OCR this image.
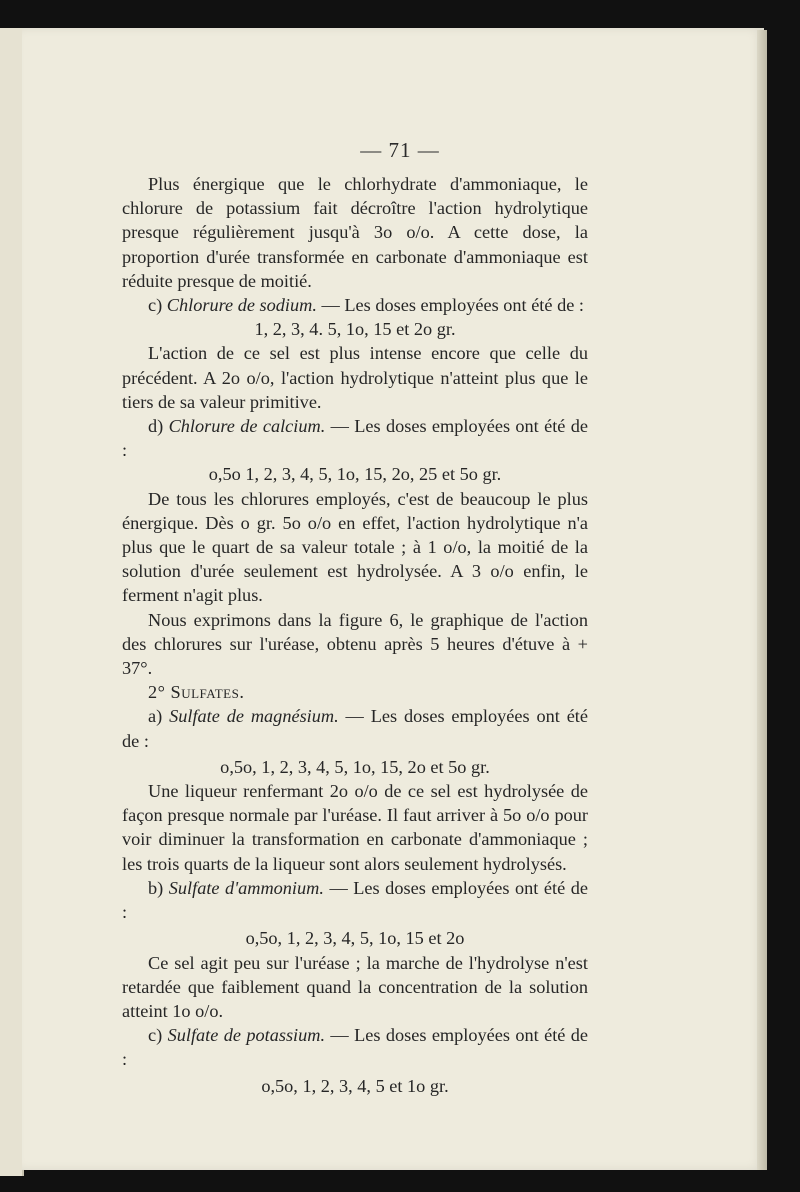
— 71 —

Plus énergique que le chlorhydrate d'ammoniaque, le chlorure de potassium fait décroître l'action hydrolytique presque régulièrement jusqu'à 3o o/o. A cette dose, la proportion d'urée transformée en carbonate d'ammoniaque est réduite presque de moitié.

c) Chlorure de sodium. — Les doses employées ont été de :

1, 2, 3, 4. 5, 1o, 15 et 2o gr.

L'action de ce sel est plus intense encore que celle du précédent. A 2o o/o, l'action hydrolytique n'atteint plus que le tiers de sa valeur primitive.

d) Chlorure de calcium. — Les doses employées ont été de :

o,5o 1, 2, 3, 4, 5, 1o, 15, 2o, 25 et 5o gr.

De tous les chlorures employés, c'est de beaucoup le plus énergique. Dès o gr. 5o o/o en effet, l'action hydrolytique n'a plus que le quart de sa valeur totale ; à 1 o/o, la moitié de la solution d'urée seulement est hydrolysée. A 3 o/o enfin, le ferment n'agit plus.

Nous exprimons dans la figure 6, le graphique de l'action des chlorures sur l'uréase, obtenu après 5 heures d'étuve à + 37°.

2° Sulfates.

a) Sulfate de magnésium. — Les doses employées ont été de :

o,5o, 1, 2, 3, 4, 5, 1o, 15, 2o et 5o gr.

Une liqueur renfermant 2o o/o de ce sel est hydrolysée de façon presque normale par l'uréase. Il faut arriver à 5o o/o pour voir diminuer la transformation en carbonate d'ammoniaque ; les trois quarts de la liqueur sont alors seulement hydrolysés.

b) Sulfate d'ammonium. — Les doses employées ont été de :

o,5o, 1, 2, 3, 4, 5, 1o, 15 et 2o

Ce sel agit peu sur l'uréase ; la marche de l'hydrolyse n'est retardée que faiblement quand la concentration de la solution atteint 1o o/o.

c) Sulfate de potassium. — Les doses employées ont été de :

o,5o, 1, 2, 3, 4, 5 et 1o gr.
